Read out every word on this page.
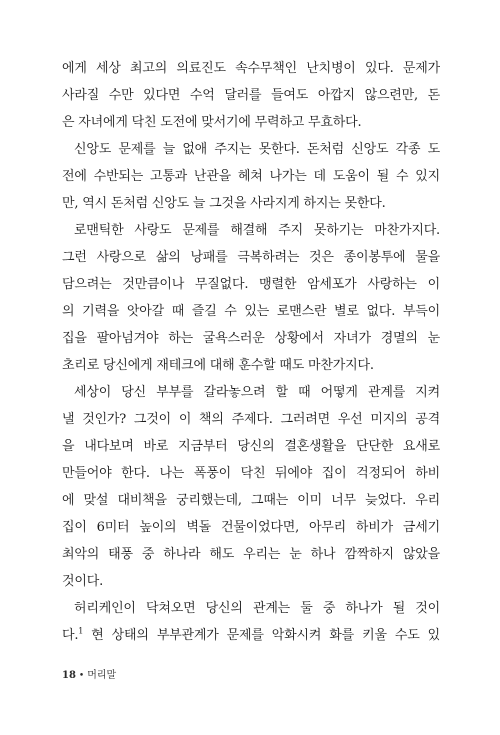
에게 세상 최고의 의료진도 속수무책인 난치병이 있다. 문제가
사라질 수만 있다면 수억 달러를 들여도 아깝지 않으련만, 돈
은 자녀에게 닥친 도전에 맞서기에 무력하고 무효하다.
신앙도 문제를 늘 없애 주지는 못한다. 돈처럼 신앙도 각종 도
전에 수반되는 고통과 난관을 헤쳐 나가는 데 도움이 될 수 있지
만, 역시 돈처럼 신앙도 늘 그것을 사라지게 하지는 못한다.
로맨틱한 사랑도 문제를 해결해 주지 못하기는 마찬가지다.
그런 사랑으로 삶의 낭패를 극복하려는 것은 종이봉투에 물을
담으려는 것만큼이나 무질없다. 맹렬한 암세포가 사랑하는 이
의 기력을 앗아갈 때 즐길 수 있는 로맨스란 별로 없다. 부득이
집을 팔아넘겨야 하는 굴욕스러운 상황에서 자녀가 경멸의 눈
초리로 당신에게 재테크에 대해 훈수할 때도 마찬가지다.
세상이 당신 부부를 갈라놓으려 할 때 어떻게 관계를 지켜
낼 것인가? 그것이 이 책의 주제다. 그러려면 우선 미지의 공격
을 내다보며 바로 지금부터 당신의 결혼생활을 단단한 요새로
만들어야 한다. 나는 폭풍이 닥친 뒤에야 집이 걱정되어 하비
에 맞설 대비책을 궁리했는데, 그때는 이미 너무 늦었다. 우리
집이 6미터 높이의 벽돌 건물이었다면, 아무리 하비가 금세기
최악의 태풍 중 하나라 해도 우리는 눈 하나 깜짝하지 않았을
것이다.
허리케인이 닥쳐오면 당신의 관계는 둘 중 하나가 될 것이
다.$^1$ 현 상태의 부부관계가 문제를 악화시켜 화를 키울 수도 있
18 • 머리말
